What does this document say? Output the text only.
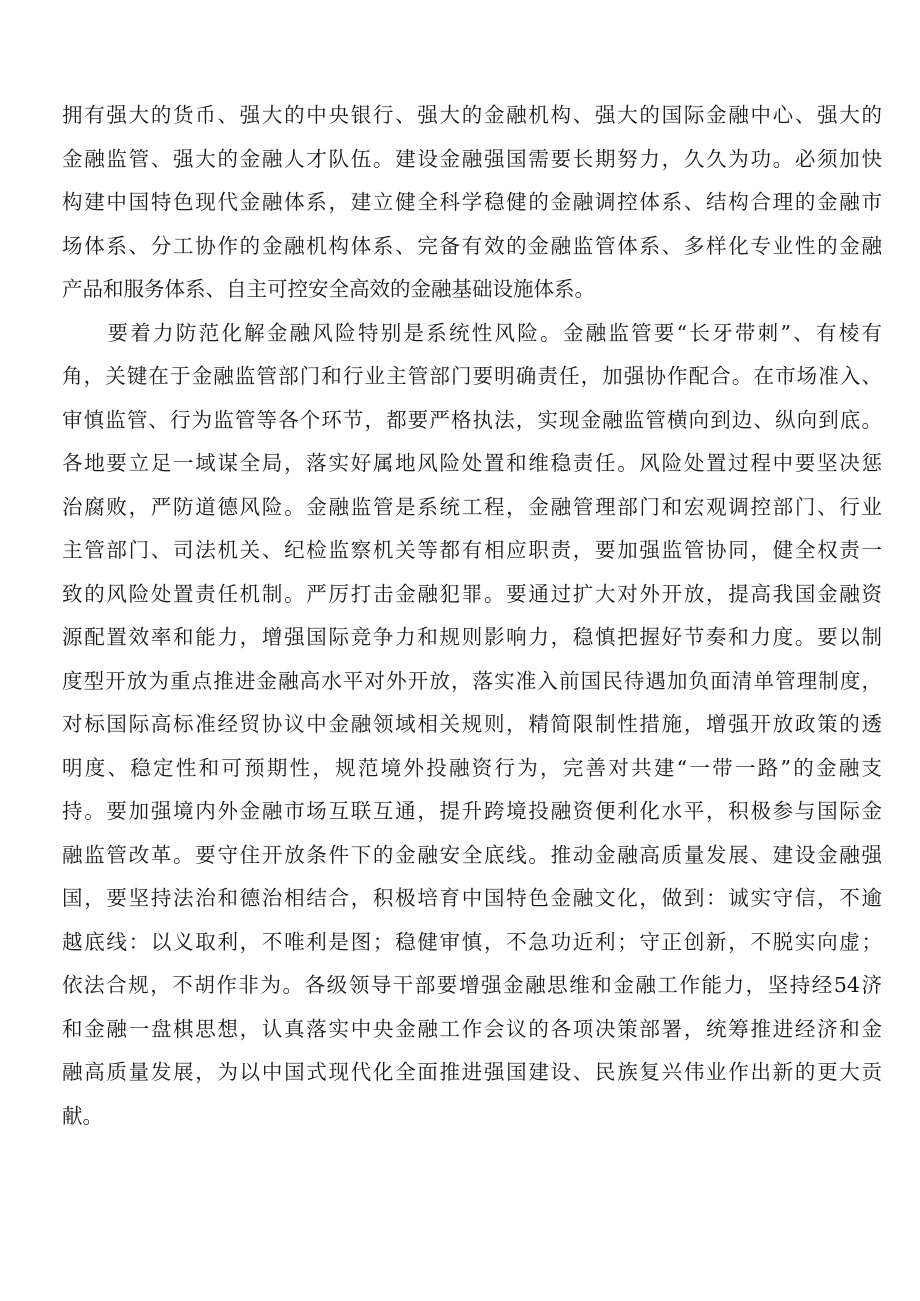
拥有强大的货币、强大的中央银行、强大的金融机构、强大的国际金融中心、强大的
金融监管、强大的金融人才队伍。建设金融强国需要长期努力，久久为功。必须加快
构建中国特色现代金融体系，建立健全科学稳健的金融调控体系、结构合理的金融市
场体系、分工协作的金融机构体系、完备有效的金融监管体系、多样化专业性的金融
产品和服务体系、自主可控安全高效的金融基础设施体系。
　　要着力防范化解金融风险特别是系统性风险。金融监管要“长牙带刺”、有棱有
角，关键在于金融监管部门和行业主管部门要明确责任，加强协作配合。在市场准入、
审慎监管、行为监管等各个环节，都要严格执法，实现金融监管横向到边、纵向到底。
各地要立足一域谋全局，落实好属地风险处置和维稳责任。风险处置过程中要坚决惩
治腐败，严防道德风险。金融监管是系统工程，金融管理部门和宏观调控部门、行业
主管部门、司法机关、纪检监察机关等都有相应职责，要加强监管协同，健全权责一
致的风险处置责任机制。严厉打击金融犯罪。要通过扩大对外开放，提高我国金融资
源配置效率和能力，增强国际竞争力和规则影响力，稳慎把握好节奏和力度。要以制
度型开放为重点推进金融高水平对外开放，落实准入前国民待遇加负面清单管理制度，
对标国际高标准经贸协议中金融领域相关规则，精简限制性措施，增强开放政策的透
明度、稳定性和可预期性，规范境外投融资行为，完善对共建“一带一路”的金融支
持。要加强境内外金融市场互联互通，提升跨境投融资便利化水平，积极参与国际金
融监管改革。要守住开放条件下的金融安全底线。推动金融高质量发展、建设金融强
国，要坚持法治和德治相结合，积极培育中国特色金融文化，做到：诚实守信，不逾
越底线：以义取利，不唯利是图；稳健审慎，不急功近利；守正创新，不脱实向虚；
依法合规，不胡作非为。各级领导干部要增强金融思维和金融工作能力，坚持经54济
和金融一盘棋思想，认真落实中央金融工作会议的各项决策部署，统筹推进经济和金
融高质量发展，为以中国式现代化全面推进强国建设、民族复兴伟业作出新的更大贡
献。
